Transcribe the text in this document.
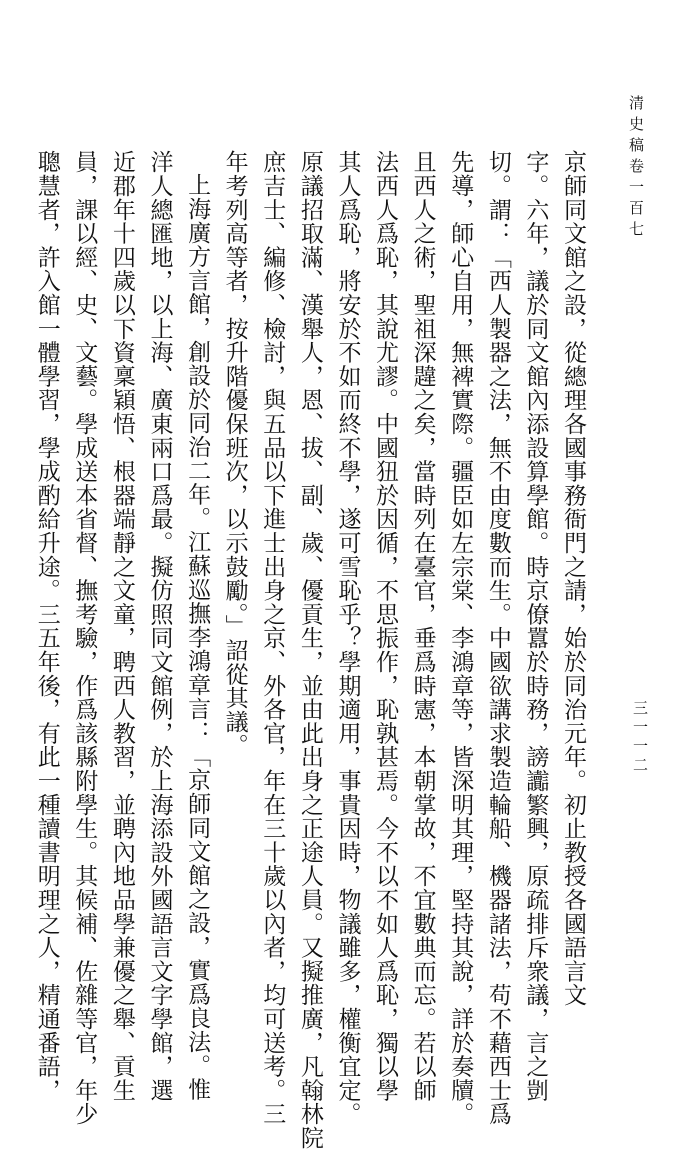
清史稿卷一百七
三一一二
京師同文館之設，從總理各國事務衙門之請，始於同治元年。初止教授各國語言文
字。六年，議於同文館內添設算學館。時京僚囂於時務，謗讟繁興，原疏排斥衆議，言之剴
切。謂：「西人製器之法，無不由度數而生。中國欲講求製造輪船、機器諸法，苟不藉西士爲
先導，師心自用，無裨實際。疆臣如左宗棠、李鴻章等，皆深明其理，堅持其說，詳於奏牘。
且西人之術，聖祖深韙之矣，當時列在臺官，垂爲時憲，本朝掌故，不宜數典而忘。若以師
法西人爲恥，其說尤謬。中國狃於因循，不思振作，恥孰甚焉。今不以不如人爲恥，獨以學
其人爲恥，將安於不如而終不學，遂可雪恥乎？學期適用，事貴因時，物議雖多，權衡宜定。
原議招取滿、漢舉人，恩、拔、副、歲、優貢生，並由此出身之正途人員。又擬推廣，凡翰林院
庶吉士、編修、檢討，與五品以下進士出身之京、外各官，年在三十歲以內者，均可送考。三
年考列高等者，按升階優保班次，以示鼓勵。」詔從其議。
上海廣方言館，創設於同治二年。江蘇巡撫李鴻章言：「京師同文館之設，實爲良法。惟
洋人總匯地，以上海、廣東兩口爲最。擬仿照同文館例，於上海添設外國語言文字學館，選
近郡年十四歲以下資稟穎悟、根器端靜之文童，聘西人教習，並聘內地品學兼優之舉、貢生
員，課以經、史、文藝。學成送本省督、撫考驗，作爲該縣附學生。其候補、佐雜等官，年少
聰慧者，許入館一體學習，學成酌給升途。三五年後，有此一種讀書明理之人，精通番語，
